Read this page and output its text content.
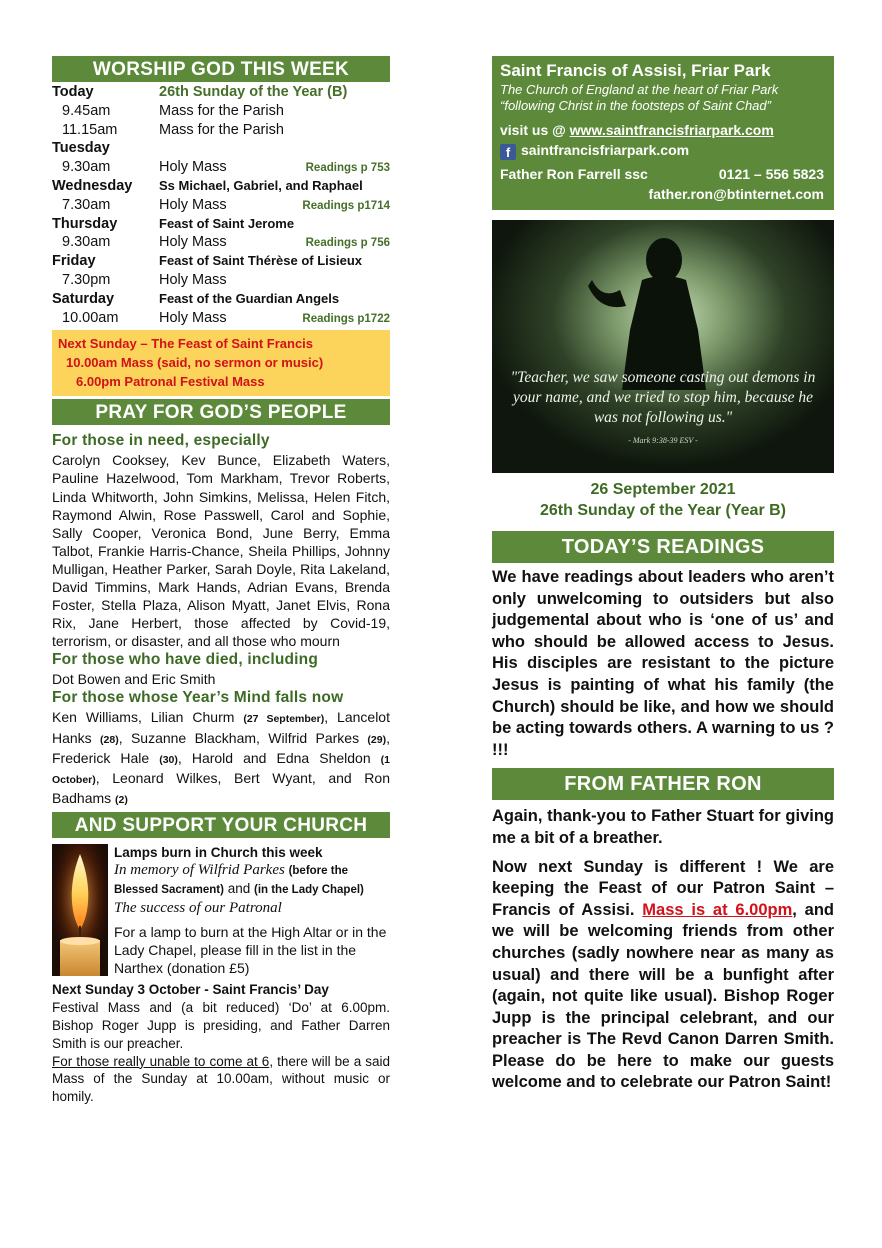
WORSHIP GOD THIS WEEK
Today	26th Sunday of the Year (B)
9.45am	Mass for the Parish
11.15am	Mass for the Parish
Tuesday
9.30am	Holy Mass	Readings p 753
Wednesday	Ss Michael, Gabriel, and Raphael
7.30am	Holy Mass	Readings p1714
Thursday	Feast of Saint Jerome
9.30am	Holy Mass	Readings p 756
Friday	Feast of Saint Thérèse of Lisieux
7.30pm	Holy Mass
Saturday	Feast of the Guardian Angels
10.00am	Holy Mass	Readings p1722
Next Sunday – The Feast of Saint Francis
10.00am Mass (said, no sermon or music)
6.00pm Patronal Festival Mass
PRAY FOR GOD’S PEOPLE
For those in need, especially
Carolyn Cooksey, Kev Bunce, Elizabeth Waters, Pauline Hazelwood, Tom Markham, Trevor Roberts, Linda Whitworth, John Simkins, Melissa, Helen Fitch, Raymond Alwin, Rose Passwell, Carol and Sophie, Sally Cooper, Veronica Bond, June Berry, Emma Talbot, Frankie Harris-Chance, Sheila Phillips, Johnny Mulligan, Heather Parker, Sarah Doyle, Rita Lakeland, David Timmins, Mark Hands, Adrian Evans, Brenda Foster, Stella Plaza, Alison Myatt, Janet Elvis, Rona Rix, Jane Herbert, those affected by Covid-19, terrorism, or disaster, and all those who mourn
For those who have died, including
Dot Bowen and Eric Smith
For those whose Year’s Mind falls now
Ken Williams, Lilian Churm (27 September), Lancelot Hanks (28), Suzanne Blackham, Wilfrid Parkes (29), Frederick Hale (30), Harold and Edna Sheldon (1 October), Leonard Wilkes, Bert Wyant, and Ron Badhams (2)
AND SUPPORT YOUR CHURCH
Lamps burn in Church this week
In memory of Wilfrid Parkes (before the Blessed Sacrament) and (in the Lady Chapel) The success of our Patronal
For a lamp to burn at the High Altar or in the Lady Chapel, please fill in the list in the Narthex (donation £5)
Next Sunday 3 October - Saint Francis’ Day
Festival Mass and (a bit reduced) ‘Do’ at 6.00pm. Bishop Roger Jupp is presiding, and Father Darren Smith is our preacher.
For those really unable to come at 6, there will be a said Mass of the Sunday at 10.00am, without music or homily.
Saint Francis of Assisi, Friar Park
The Church of England at the heart of Friar Park
“following Christ in the footsteps of Saint Chad”
visit us @ www.saintfrancisfriarpark.com
f saintfrancisfriarpark.com
Father Ron Farrell ssc	0121 – 556 5823
father.ron@btinternet.com
"Teacher, we saw someone casting out demons in your name, and we tried to stop him, because he was not following us."
- Mark 9:38-39 ESV -
26 September 2021
26th Sunday of the Year (Year B)
TODAY’S READINGS
We have readings about leaders who aren’t only unwelcoming to outsiders but also judgemental about who is ‘one of us’ and who should be allowed access to Jesus. His disciples are resistant to the picture Jesus is painting of what his family (the Church) should be like, and how we should be acting towards others. A warning to us ? !!!
FROM FATHER RON
Again, thank-you to Father Stuart for giving me a bit of a breather.
Now next Sunday is different ! We are keeping the Feast of our Patron Saint – Francis of Assisi. Mass is at 6.00pm, and we will be welcoming friends from other churches (sadly nowhere near as many as usual) and there will be a bunfight after (again, not quite like usual). Bishop Roger Jupp is the principal celebrant, and our preacher is The Revd Canon Darren Smith. Please do be here to make our guests welcome and to celebrate our Patron Saint!
